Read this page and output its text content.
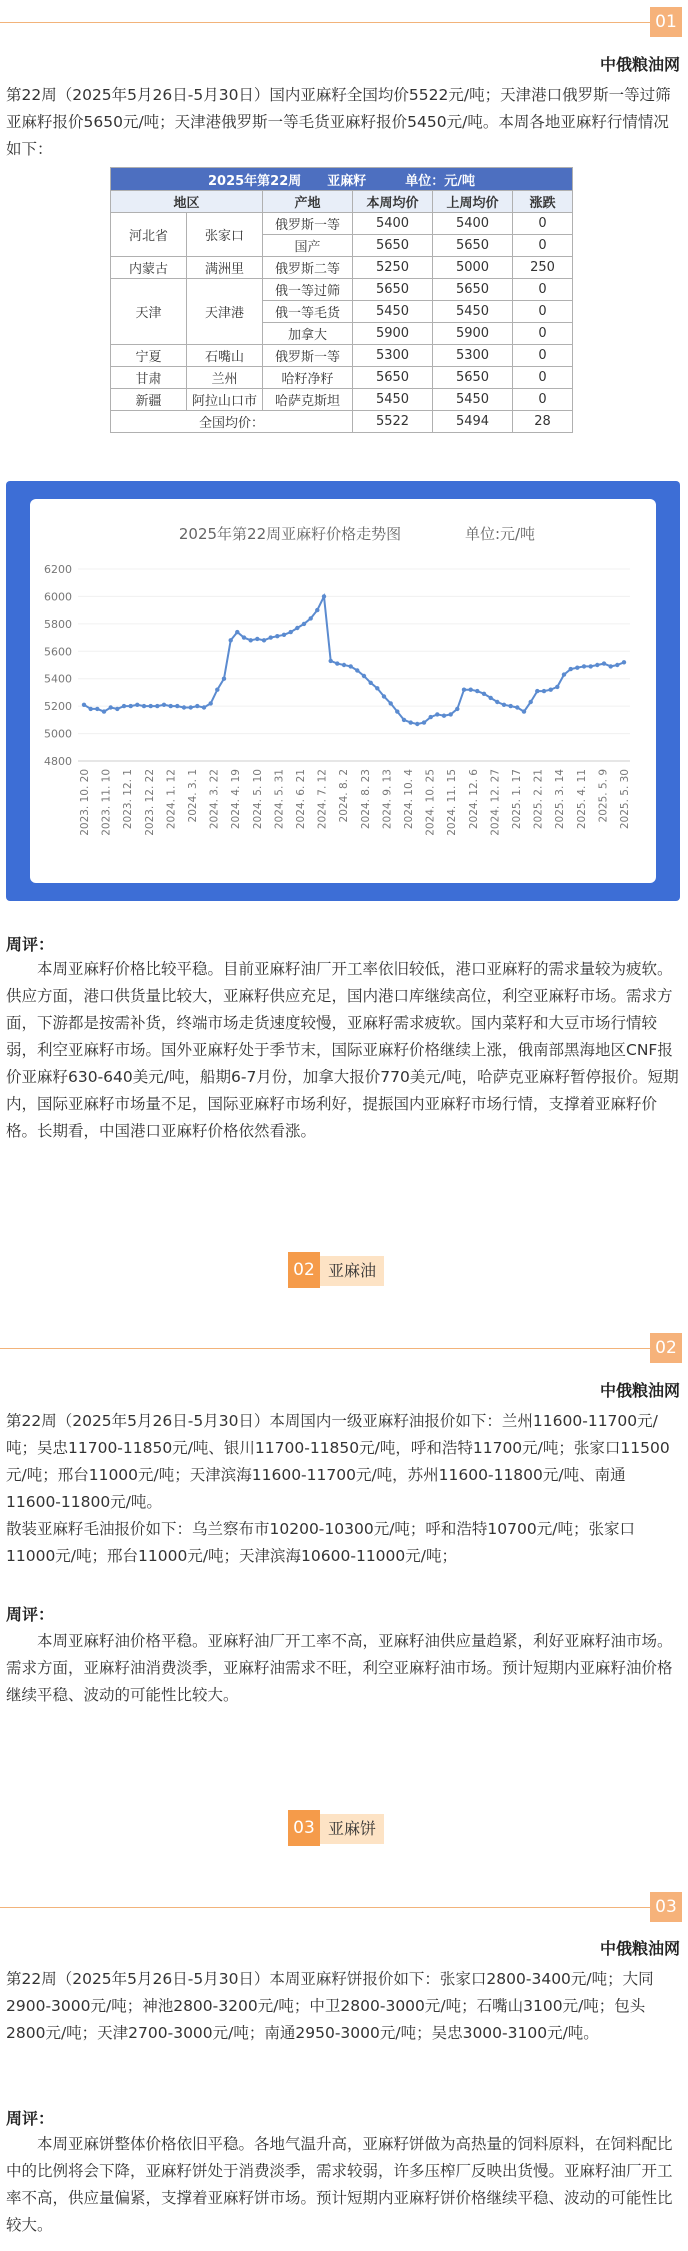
01
中俄粮油网

第22周（2025年5月26日-5月30日）国内亚麻籽全国均价5522元/吨；天津港口俄罗斯一等过筛亚麻籽报价5650元/吨；天津港俄罗斯一等毛货亚麻籽报价5450元/吨。本周各地亚麻籽行情情况如下：

2025年第22周　　亚麻籽　　　单位：元/吨					
地区		产地	本周均价	上周均价	涨跌
河北省	张家口	俄罗斯一等	5400	5400	0
		国产	5650	5650	0
内蒙古	满洲里	俄罗斯二等	5250	5000	250
天津	天津港	俄一等过筛	5650	5650	0
		俄一等毛货	5450	5450	0
		加拿大	5900	5900	0
宁夏	石嘴山	俄罗斯一等	5300	5300	0
甘肃	兰州	哈籽净籽	5650	5650	0
新疆	阿拉山口市	哈萨克斯坦	5450	5450	0
全国均价：			5522	5494	28
2025年第22周亚麻籽价格走势图	单位:元/吨
4800
5000
5200
5400
5600
5800
6000
6200
2023. 10. 20 2023. 11. 10 2023. 12. 1 2023. 12. 22 2024. 1. 12 2024. 3. 1 2024. 3. 22 2024. 4. 19 2024. 5. 10 2024. 5. 31 2024. 6. 21 2024. 7. 12 2024. 8. 2 2024. 8. 23 2024. 9. 13 2024. 10. 4 2024. 10. 25 2024. 11. 15 2024. 12. 6 2024. 12. 27 2025. 1. 17 2025. 2. 21 2025. 3. 14 2025. 4. 11 2025. 5. 9 2025. 5. 30
周评：

本周亚麻籽价格比较平稳。目前亚麻籽油厂开工率依旧较低，港口亚麻籽的需求量较为疲软。供应方面，港口供货量比较大，亚麻籽供应充足，国内港口库继续高位，利空亚麻籽市场。需求方面，下游都是按需补货，终端市场走货速度较慢，亚麻籽需求疲软。国内菜籽和大豆市场行情较弱，利空亚麻籽市场。国外亚麻籽处于季节末，国际亚麻籽价格继续上涨，俄南部黑海地区CNF报价亚麻籽630-640美元/吨，船期6-7月份，加拿大报价770美元/吨，哈萨克亚麻籽暂停报价。短期内，国际亚麻籽市场量不足，国际亚麻籽市场利好，提振国内亚麻籽市场行情，支撑着亚麻籽价格。长期看，中国港口亚麻籽价格依然看涨。

02 亚麻油
02
中俄粮油网

第22周（2025年5月26日-5月30日）本周国内一级亚麻籽油报价如下：兰州11600-11700元/吨；吴忠11700-11850元/吨、银川11700-11850元/吨，呼和浩特11700元/吨；张家口11500元/吨；邢台11000元/吨；天津滨海11600-11700元/吨，苏州11600-11800元/吨、南通11600-11800元/吨。

散装亚麻籽毛油报价如下：乌兰察布市10200-10300元/吨；呼和浩特10700元/吨；张家口11000元/吨；邢台11000元/吨；天津滨海10600-11000元/吨；

周评：

本周亚麻籽油价格平稳。亚麻籽油厂开工率不高，亚麻籽油供应量趋紧，利好亚麻籽油市场。需求方面，亚麻籽油消费淡季，亚麻籽油需求不旺，利空亚麻籽油市场。预计短期内亚麻籽油价格继续平稳、波动的可能性比较大。

03 亚麻饼
03
中俄粮油网

第22周（2025年5月26日-5月30日）本周亚麻籽饼报价如下：张家口2800-3400元/吨；大同2900-3000元/吨；神池2800-3200元/吨；中卫2800-3000元/吨；石嘴山3100元/吨；包头2800元/吨；天津2700-3000元/吨；南通2950-3000元/吨；吴忠3000-3100元/吨。

周评：

本周亚麻饼整体价格依旧平稳。各地气温升高，亚麻籽饼做为高热量的饲料原料，在饲料配比中的比例将会下降，亚麻籽饼处于消费淡季，需求较弱，许多压榨厂反映出货慢。亚麻籽油厂开工率不高，供应量偏紧，支撑着亚麻籽饼市场。预计短期内亚麻籽饼价格继续平稳、波动的可能性比较大。
